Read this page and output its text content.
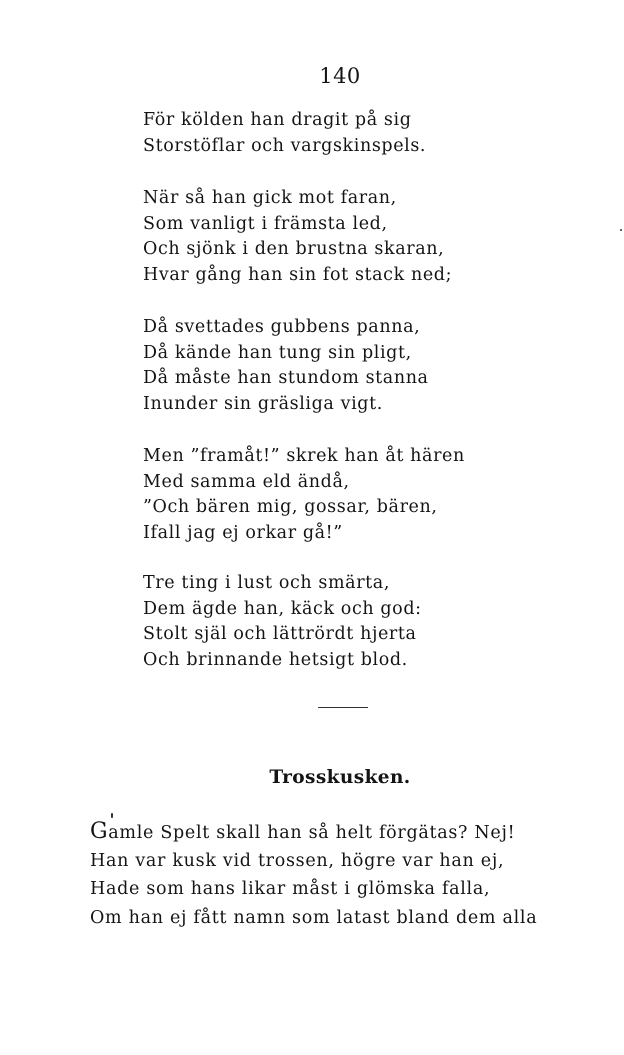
140
För kölden han dragit på sig
Storstöflar och vargskinspels.
När så han gick mot faran,
Som vanligt i främsta led,
Och sjönk i den brustna skaran,
Hvar gång han sin fot stack ned;
Då svettades gubbens panna,
Då kände han tung sin pligt,
Då måste han stundom stanna
Inunder sin gräsliga vigt.
Men ”framåt!” skrek han åt hären
Med samma eld ändå,
”Och bären mig, gossar, bären,
Ifall jag ej orkar gå!”
Tre ting i lust och smärta,
Dem ägde han, käck och god:
Stolt själ och lättrördt hjerta
Och brinnande hetsigt blod.
Trosskusken.
Gamle Spelt skall han så helt förgätas? Nej!
Han var kusk vid trossen, högre var han ej,
Hade som hans likar måst i glömska falla,
Om han ej fått namn som latast bland dem alla
